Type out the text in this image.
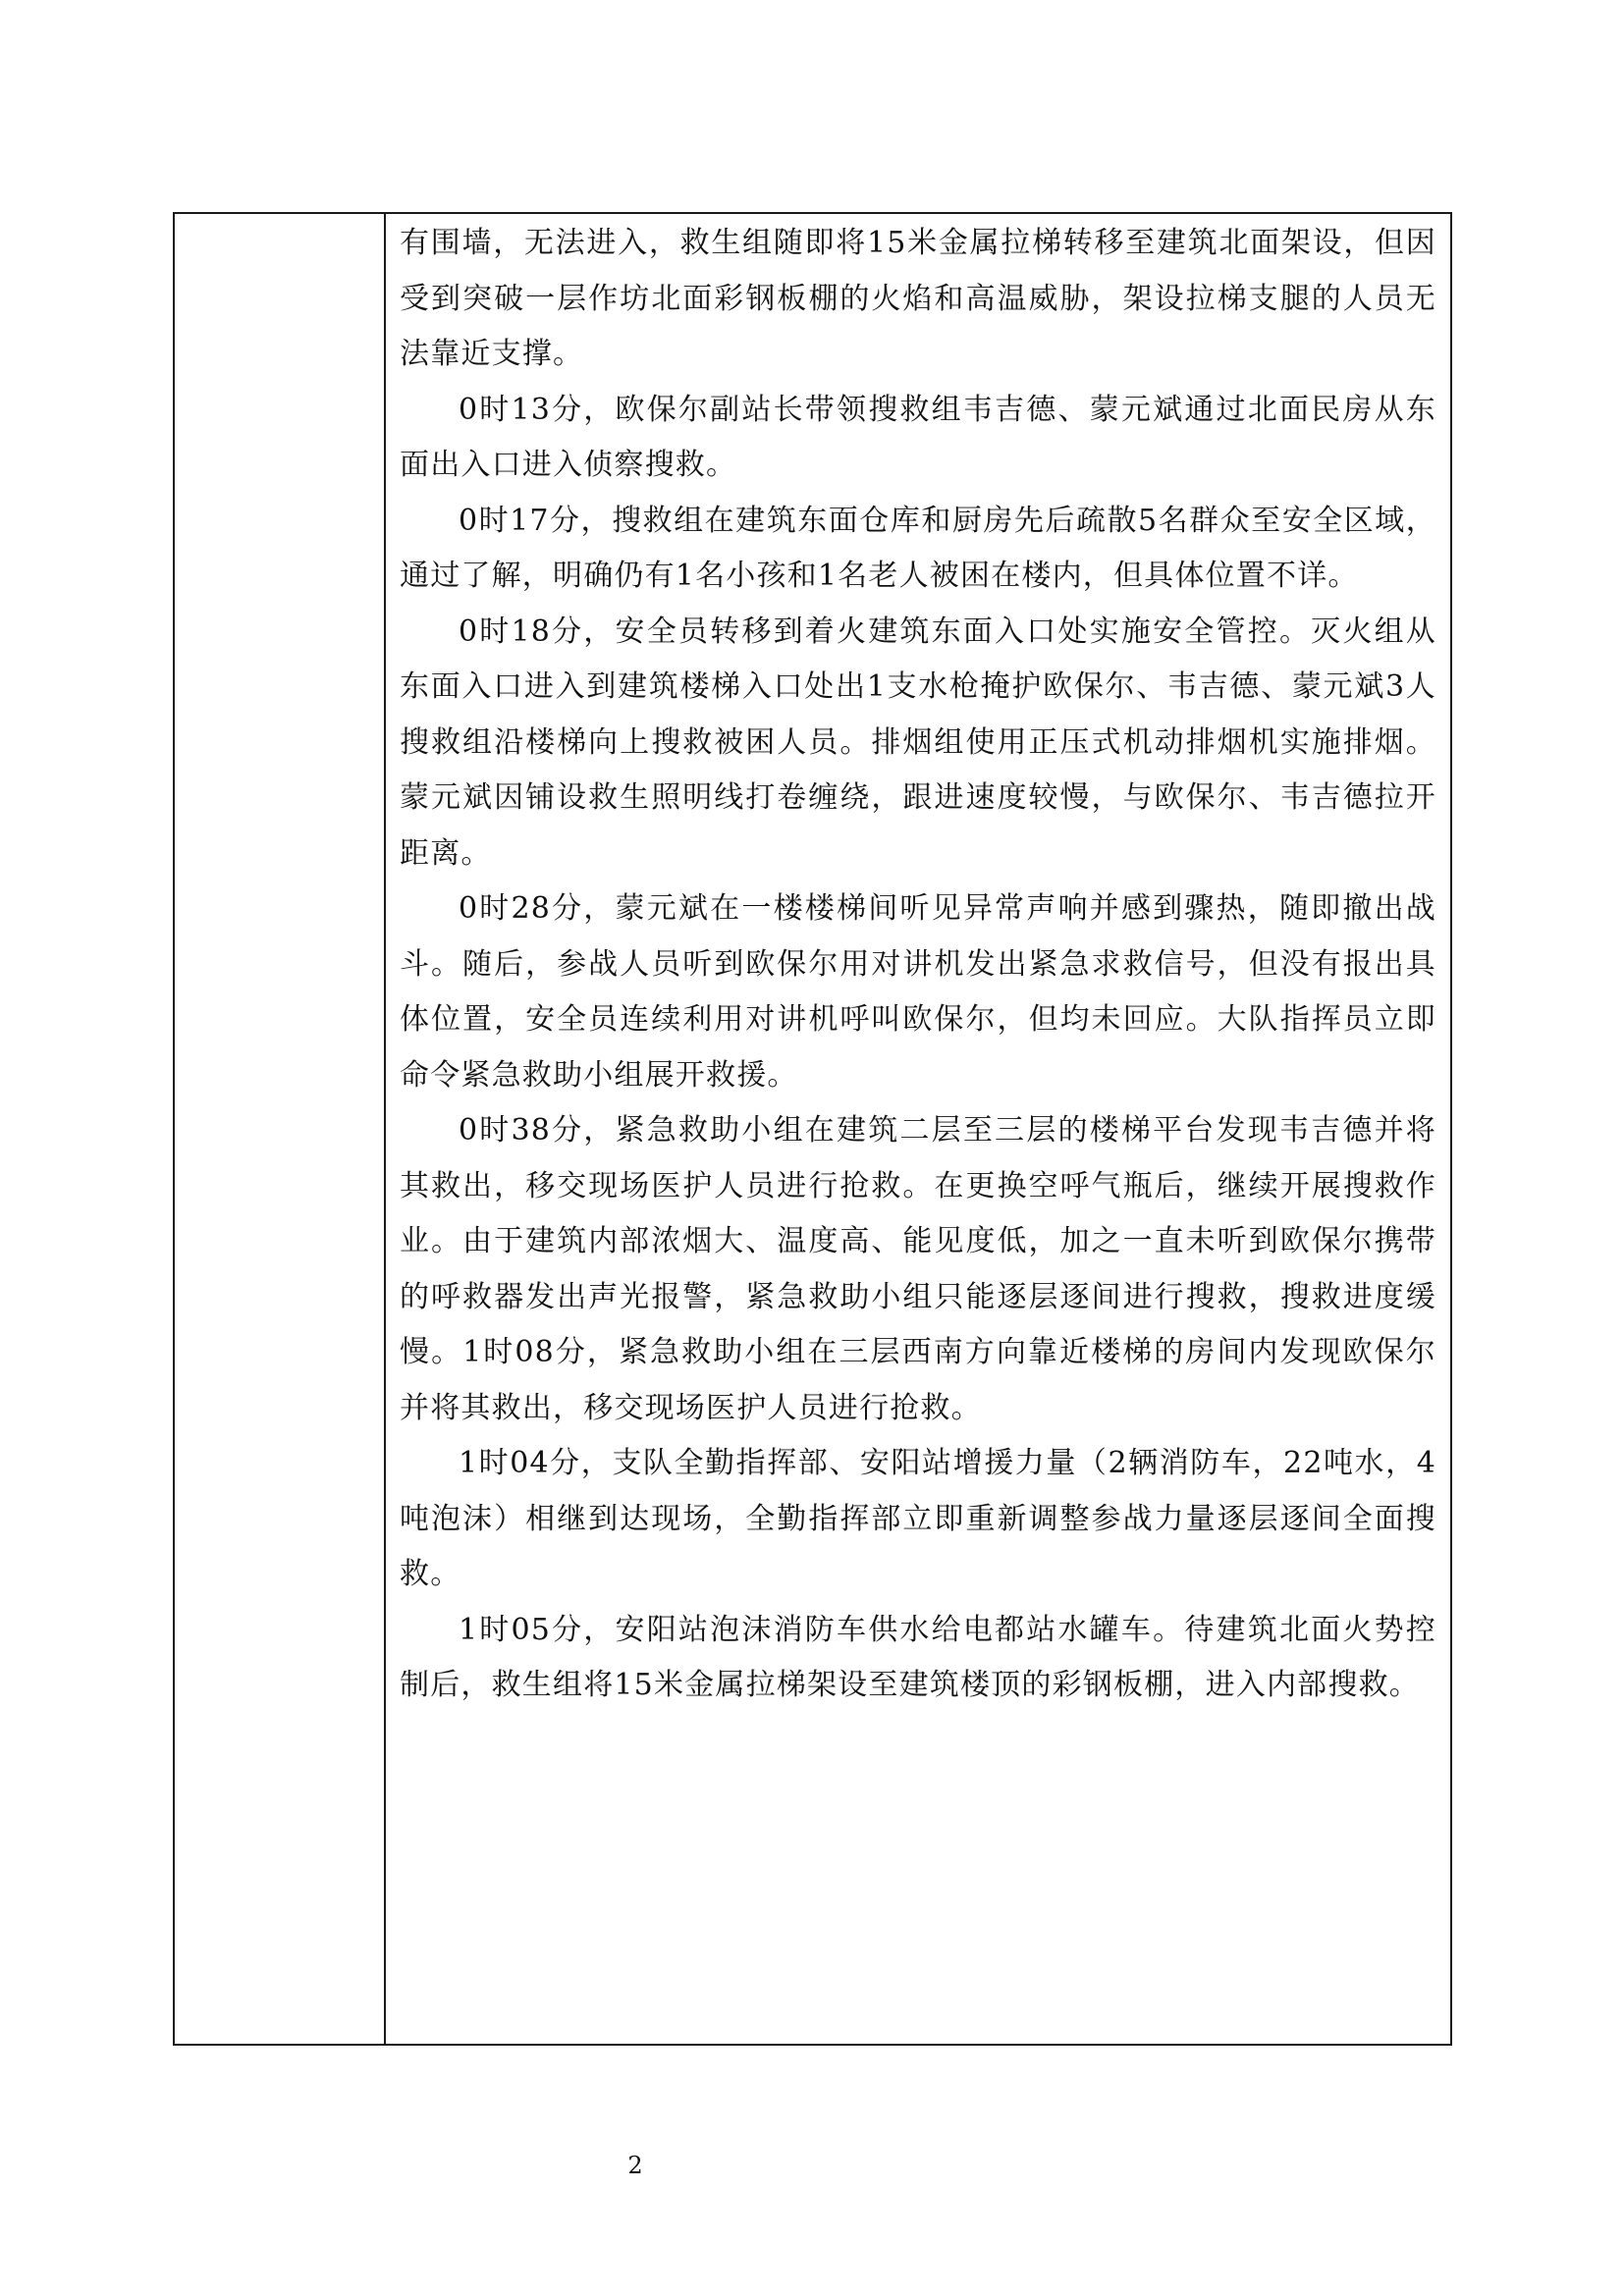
有围墙，无法进入，救生组随即将15米金属拉梯转移至建筑北面架设，但因受到突破一层作坊北面彩钢板棚的火焰和高温威胁，架设拉梯支腿的人员无法靠近支撑。

0时13分，欧保尔副站长带领搜救组韦吉德、蒙元斌通过北面民房从东面出入口进入侦察搜救。

0时17分，搜救组在建筑东面仓库和厨房先后疏散5名群众至安全区域，通过了解，明确仍有1名小孩和1名老人被困在楼内，但具体位置不详。

0时18分，安全员转移到着火建筑东面入口处实施安全管控。灭火组从东面入口进入到建筑楼梯入口处出1支水枪掩护欧保尔、韦吉德、蒙元斌3人搜救组沿楼梯向上搜救被困人员。排烟组使用正压式机动排烟机实施排烟。蒙元斌因铺设救生照明线打卷缠绕，跟进速度较慢，与欧保尔、韦吉德拉开距离。

0时28分，蒙元斌在一楼楼梯间听见异常声响并感到骤热，随即撤出战斗。随后，参战人员听到欧保尔用对讲机发出紧急求救信号，但没有报出具体位置，安全员连续利用对讲机呼叫欧保尔，但均未回应。大队指挥员立即命令紧急救助小组展开救援。

0时38分，紧急救助小组在建筑二层至三层的楼梯平台发现韦吉德并将其救出，移交现场医护人员进行抢救。在更换空呼气瓶后，继续开展搜救作业。由于建筑内部浓烟大、温度高、能见度低，加之一直未听到欧保尔携带的呼救器发出声光报警，紧急救助小组只能逐层逐间进行搜救，搜救进度缓慢。1时08分，紧急救助小组在三层西南方向靠近楼梯的房间内发现欧保尔并将其救出，移交现场医护人员进行抢救。

1时04分，支队全勤指挥部、安阳站增援力量（2辆消防车，22吨水，4吨泡沫）相继到达现场，全勤指挥部立即重新调整参战力量逐层逐间全面搜救。

1时05分，安阳站泡沫消防车供水给电都站水罐车。待建筑北面火势控制后，救生组将15米金属拉梯架设至建筑楼顶的彩钢板棚，进入内部搜救。

2
